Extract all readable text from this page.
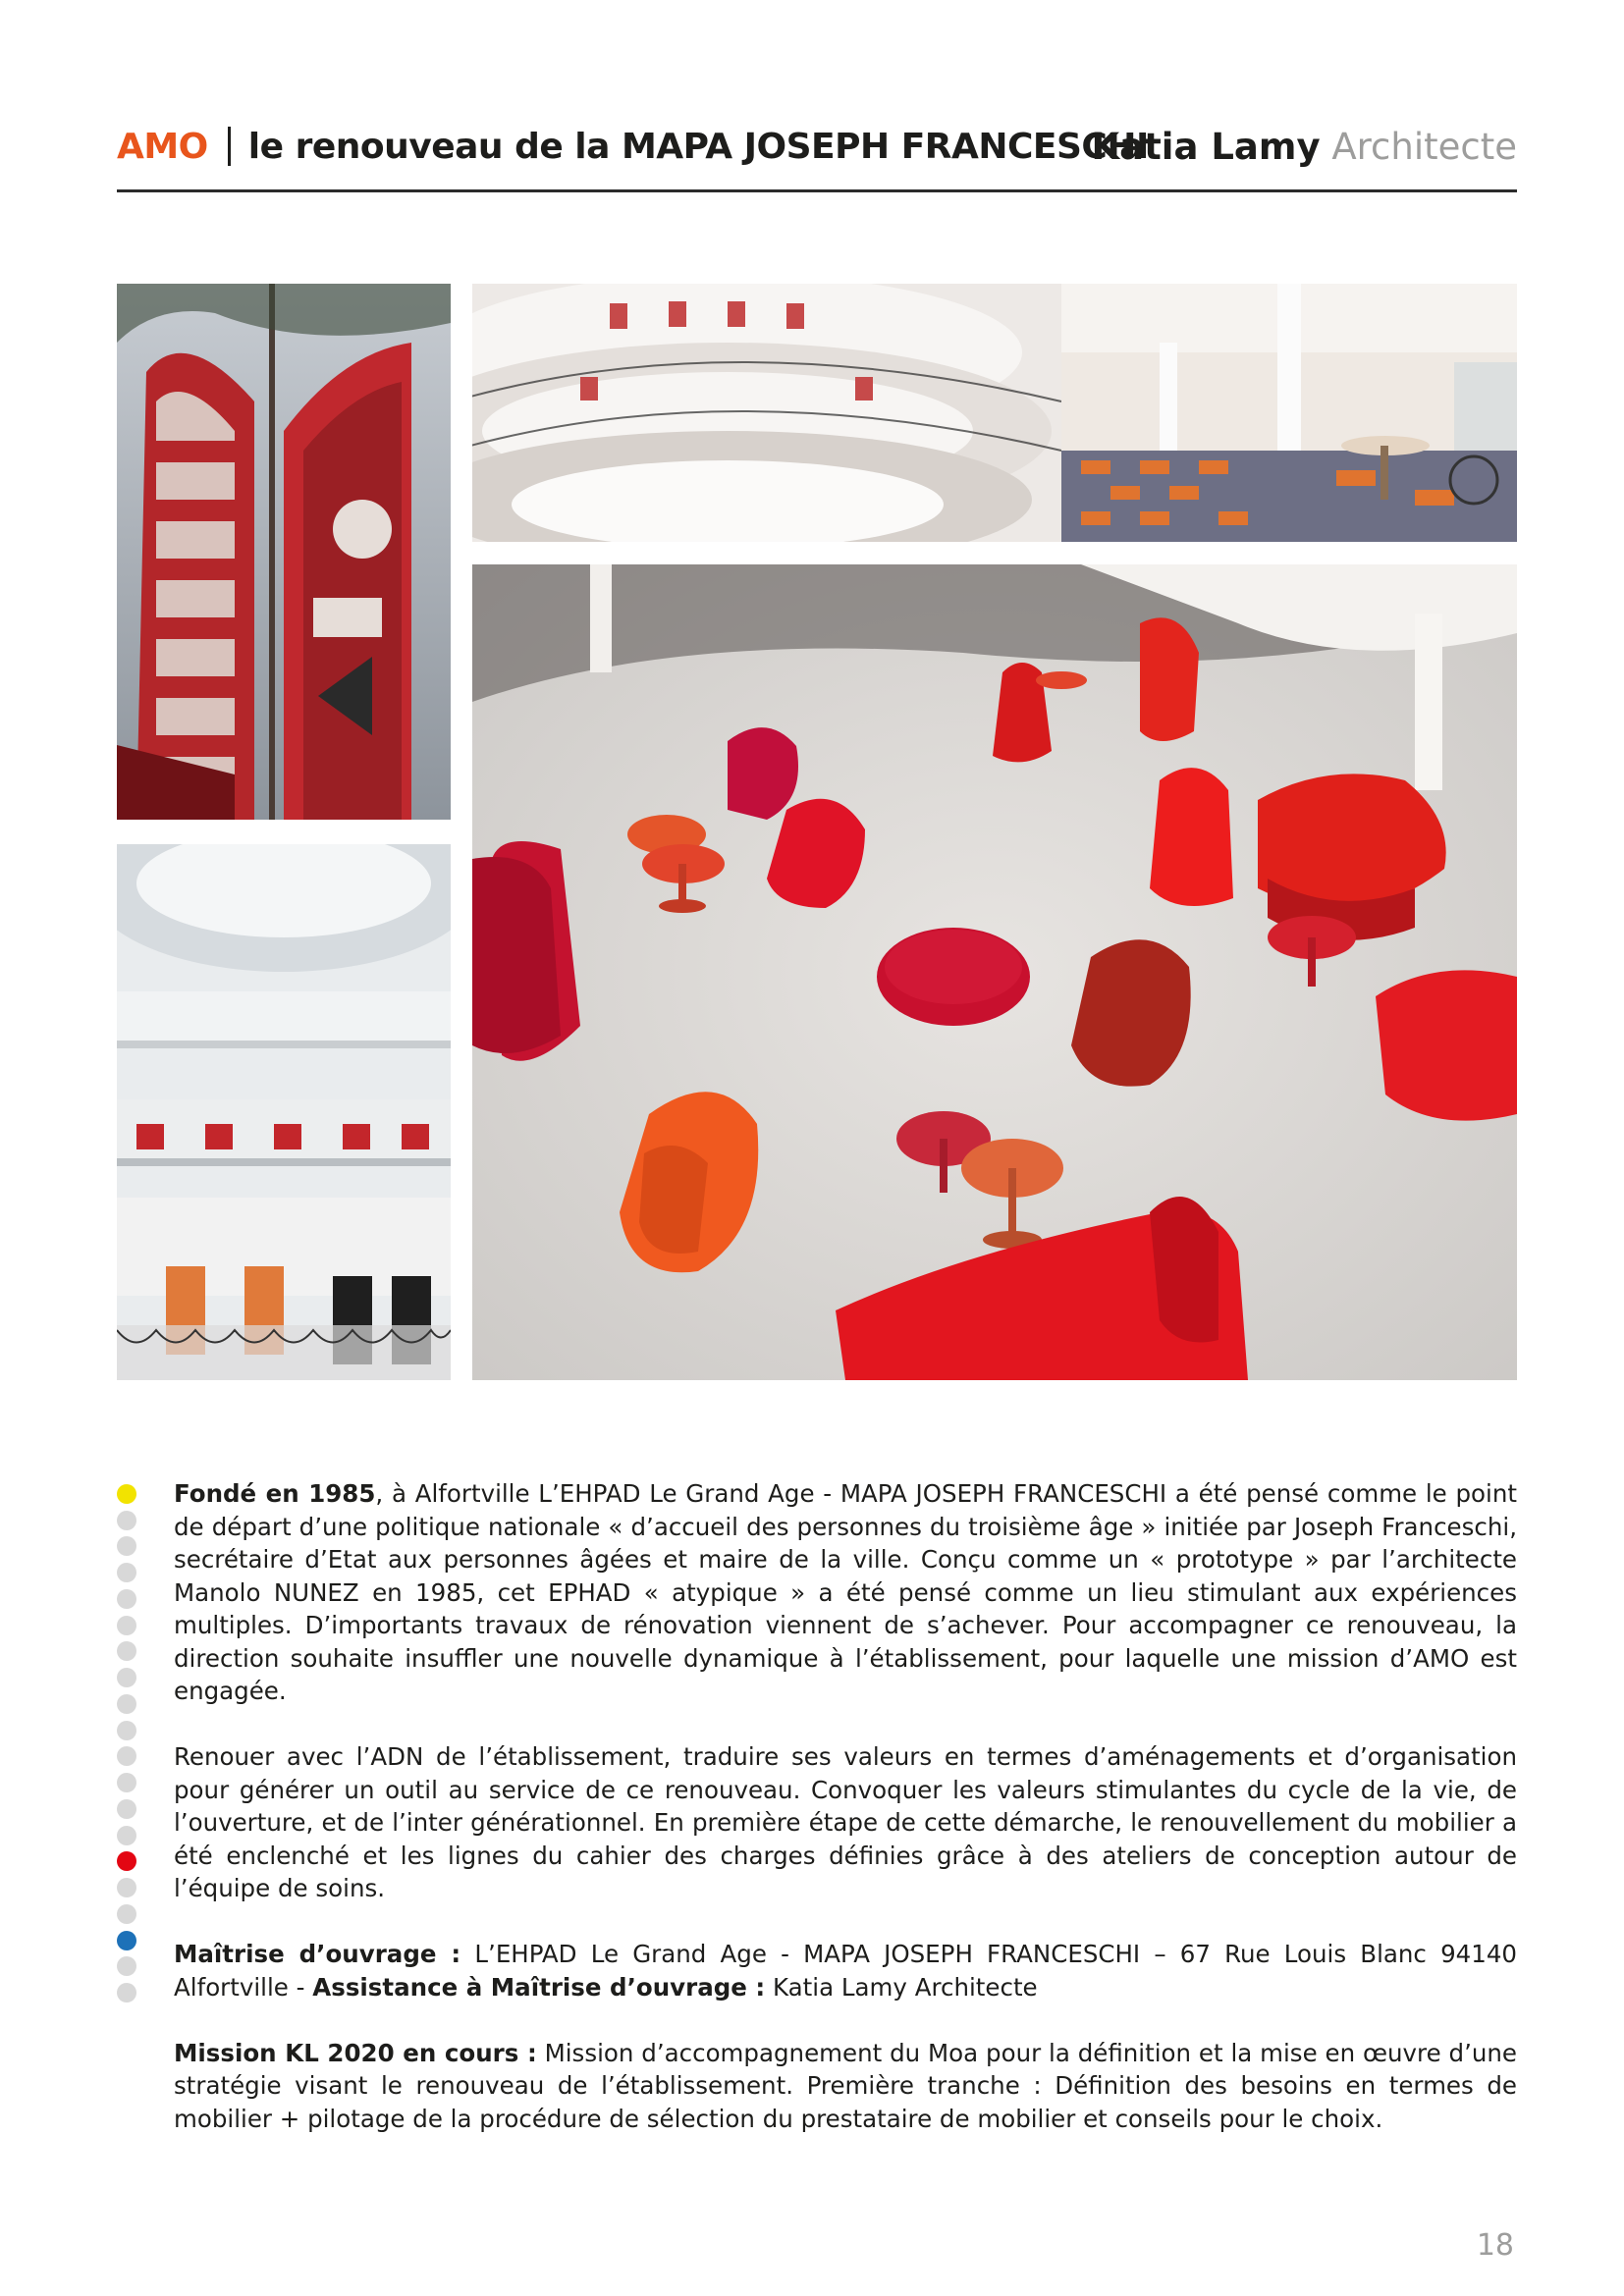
AMO le renouveau de la MAPA JOSEPH FRANCESCHI
Katia Lamy Architecte

Fondé en 1985, à Alfortville L’EHPAD Le Grand Age - MAPA JOSEPH FRANCESCHI a été pensé comme le point de départ d’une politique nationale « d’accueil des personnes du troisième âge » initiée par Joseph Franceschi, secrétaire d’Etat aux personnes âgées et maire de la ville. Conçu comme un « prototype » par l’architecte Manolo NUNEZ en 1985, cet EPHAD « atypique » a été pensé comme un lieu stimulant aux expériences multiples. D’importants travaux de rénovation viennent de s’achever. Pour accompagner ce renouveau, la direction souhaite insuffler une nouvelle dynamique à l’établissement, pour laquelle une mission d’AMO est engagée.

Renouer avec l’ADN de l’établissement, traduire ses valeurs en termes d’aménagements et d’organisation pour générer un outil au service de ce renouveau. Convoquer les valeurs stimulantes du cycle de la vie, de l’ouverture, et de l’inter générationnel. En première étape de cette démarche, le renouvellement du mobilier a été enclenché et les lignes du cahier des charges définies grâce à des ateliers de conception autour de l’équipe de soins.

Maîtrise d’ouvrage : L’EHPAD Le Grand Age - MAPA JOSEPH FRANCESCHI – 67 Rue Louis Blanc 94140 Alfortville - Assistance à Maîtrise d’ouvrage : Katia Lamy Architecte

Mission KL 2020 en cours : Mission d’accompagnement du Moa pour la définition et la mise en œuvre d’une stratégie visant le renouveau de l’établissement. Première tranche : Définition des besoins en termes de mobilier + pilotage de la procédure de sélection du prestataire de mobilier et conseils pour le choix.

18
